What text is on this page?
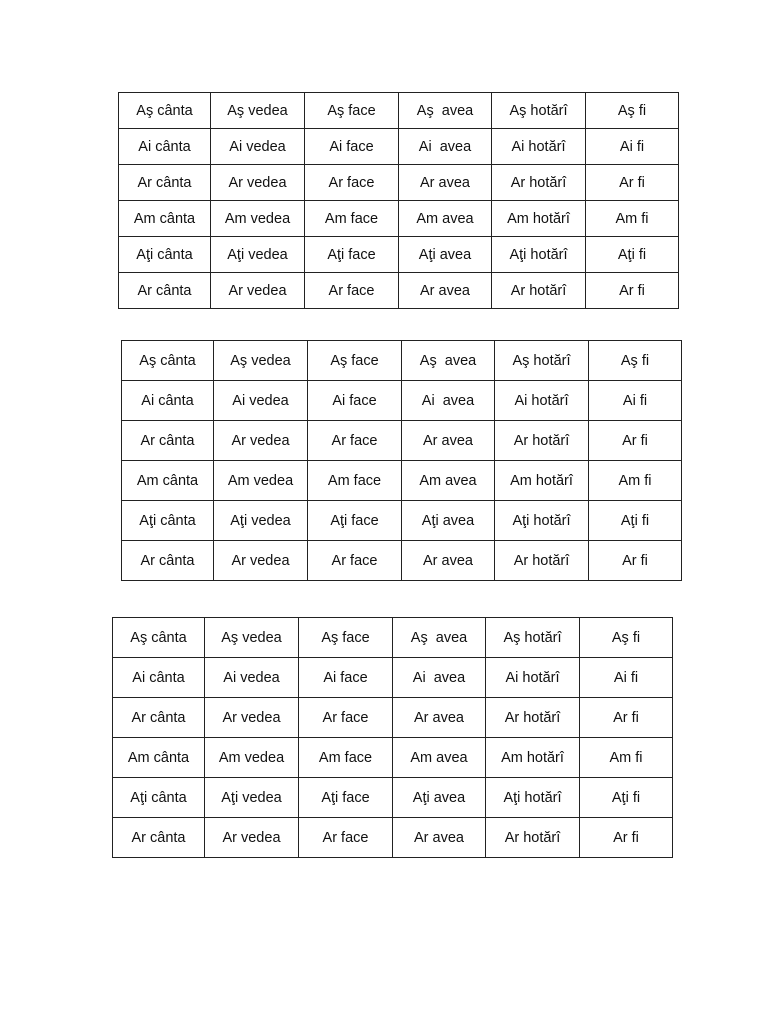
Aş cânta	Aş vedea	Aş face	Aş  avea	Aş hotărî	Aş fi
Ai cânta	Ai vedea	Ai face	Ai  avea	Ai hotărî	Ai fi
Ar cânta	Ar vedea	Ar face	Ar avea	Ar hotărî	Ar fi
Am cânta	Am vedea	Am face	Am avea	Am hotărî	Am fi
Aţi cânta	Aţi vedea	Aţi face	Aţi avea	Aţi hotărî	Aţi fi
Ar cânta	Ar vedea	Ar face	Ar avea	Ar hotărî	Ar fi
Aş cânta	Aş vedea	Aş face	Aş  avea	Aş hotărî	Aş fi
Ai cânta	Ai vedea	Ai face	Ai  avea	Ai hotărî	Ai fi
Ar cânta	Ar vedea	Ar face	Ar avea	Ar hotărî	Ar fi
Am cânta	Am vedea	Am face	Am avea	Am hotărî	Am fi
Aţi cânta	Aţi vedea	Aţi face	Aţi avea	Aţi hotărî	Aţi fi
Ar cânta	Ar vedea	Ar face	Ar avea	Ar hotărî	Ar fi
Aş cânta	Aş vedea	Aş face	Aş  avea	Aş hotărî	Aş fi
Ai cânta	Ai vedea	Ai face	Ai  avea	Ai hotărî	Ai fi
Ar cânta	Ar vedea	Ar face	Ar avea	Ar hotărî	Ar fi
Am cânta	Am vedea	Am face	Am avea	Am hotărî	Am fi
Aţi cânta	Aţi vedea	Aţi face	Aţi avea	Aţi hotărî	Aţi fi
Ar cânta	Ar vedea	Ar face	Ar avea	Ar hotărî	Ar fi
